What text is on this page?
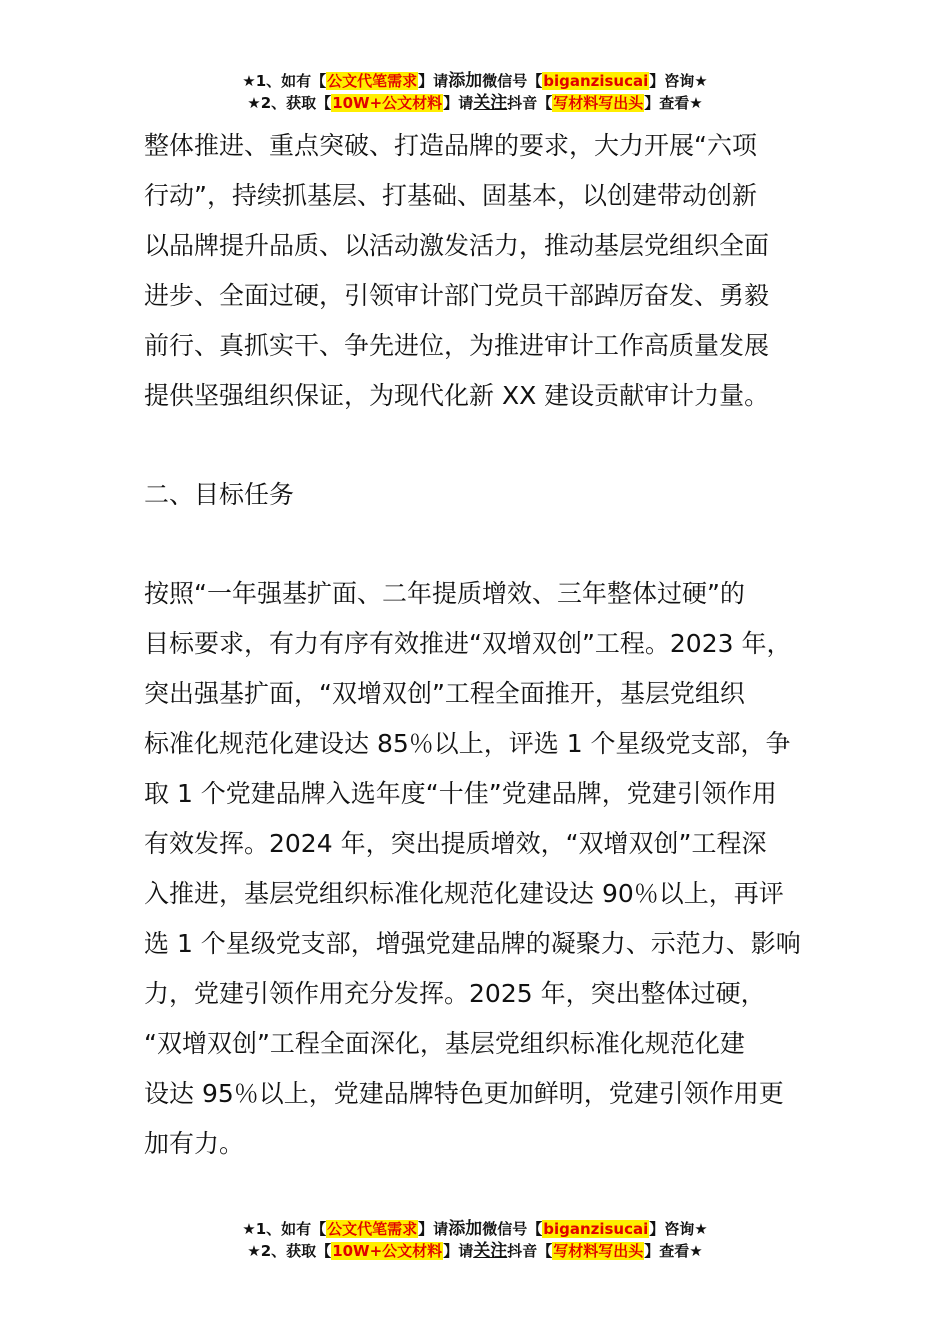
★1、如有【公文代笔需求】请添加微信号【biganzisucai】咨询★
★2、获取【10W+公文材料】请关注抖音【写材料写出头】查看★
整体推进、重点突破、打造品牌的要求，大力开展“六项
行动”，持续抓基层、打基础、固基本，以创建带动创新
以品牌提升品质、以活动激发活力，推动基层党组织全面
进步、全面过硬，引领审计部门党员干部踔厉奋发、勇毅
前行、真抓实干、争先进位，为推进审计工作高质量发展
提供坚强组织保证，为现代化新 XX 建设贡献审计力量。
二、目标任务
按照“一年强基扩面、二年提质增效、三年整体过硬”的
目标要求，有力有序有效推进“双增双创”工程。2023 年，
突出强基扩面，“双增双创”工程全面推开，基层党组织
标准化规范化建设达 85％以上，评选 1 个星级党支部，争
取 1 个党建品牌入选年度“十佳”党建品牌，党建引领作用
有效发挥。2024 年，突出提质增效，“双增双创”工程深
入推进，基层党组织标准化规范化建设达 90％以上，再评
选 1 个星级党支部，增强党建品牌的凝聚力、示范力、影响
力，党建引领作用充分发挥。2025 年，突出整体过硬，
“双增双创”工程全面深化，基层党组织标准化规范化建
设达 95％以上，党建品牌特色更加鲜明，党建引领作用更
加有力。
★1、如有【公文代笔需求】请添加微信号【biganzisucai】咨询★
★2、获取【10W+公文材料】请关注抖音【写材料写出头】查看★
